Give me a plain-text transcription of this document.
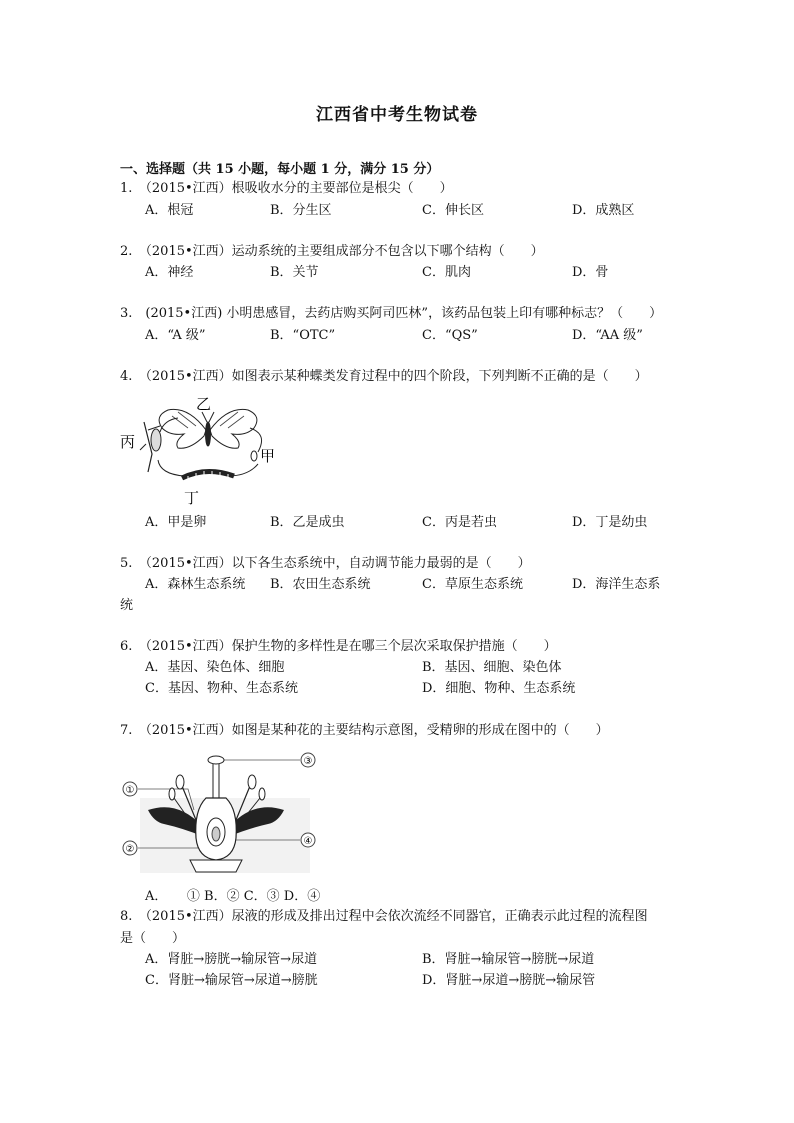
江西省中考生物试卷
一、选择题（共 15 小题，每小题 1 分，满分 15 分）
1.　（2015•江西）根吸收水分的主要部位是根尖（　　）
A．根冠	B．分生区	C．伸长区	D．成熟区
2.　（2015•江西）运动系统的主要组成部分不包含以下哪个结构（　　）
A．神经	B．关节	C．肌肉	D．骨
3.　(2015•江西) 小明患感冒，去药店购买阿司匹林”，该药品包装上印有哪种标志？（　　）
A．“A 级”	B．“OTC”	C．“QS”	D．“AA 级”
4.　（2015•江西）如图表示某种蝶类发育过程中的四个阶段，下列判断不正确的是（　　）
乙
丙
甲
丁
A．甲是卵	B．乙是成虫	C．丙是若虫	D．丁是幼虫
5.　（2015•江西）以下各生态系统中，自动调节能力最弱的是（　　）
A．森林生态系统 B．农田生态系统	C．草原生态系统	D．海洋生态系
统
6.　（2015•江西）保护生物的多样性是在哪三个层次采取保护措施（　　）
A．基因、染色体、细胞	B．基因、细胞、染色体
C．基因、物种、生态系统	D．细胞、物种、生态系统
7.　（2015•江西）如图是某种花的主要结构示意图，受精卵的形成在图中的（　　）
①
②
③
④
A．　　① B．② C．③ D．④
8.　（2015•江西）尿液的形成及排出过程中会依次流经不同器官，正确表示此过程的流程图
是（　　）
A．肾脏→膀胱→输尿管→尿道	B．肾脏→输尿管→膀胱→尿道
C．肾脏→输尿管→尿道→膀胱	D．肾脏→尿道→膀胱→输尿管
